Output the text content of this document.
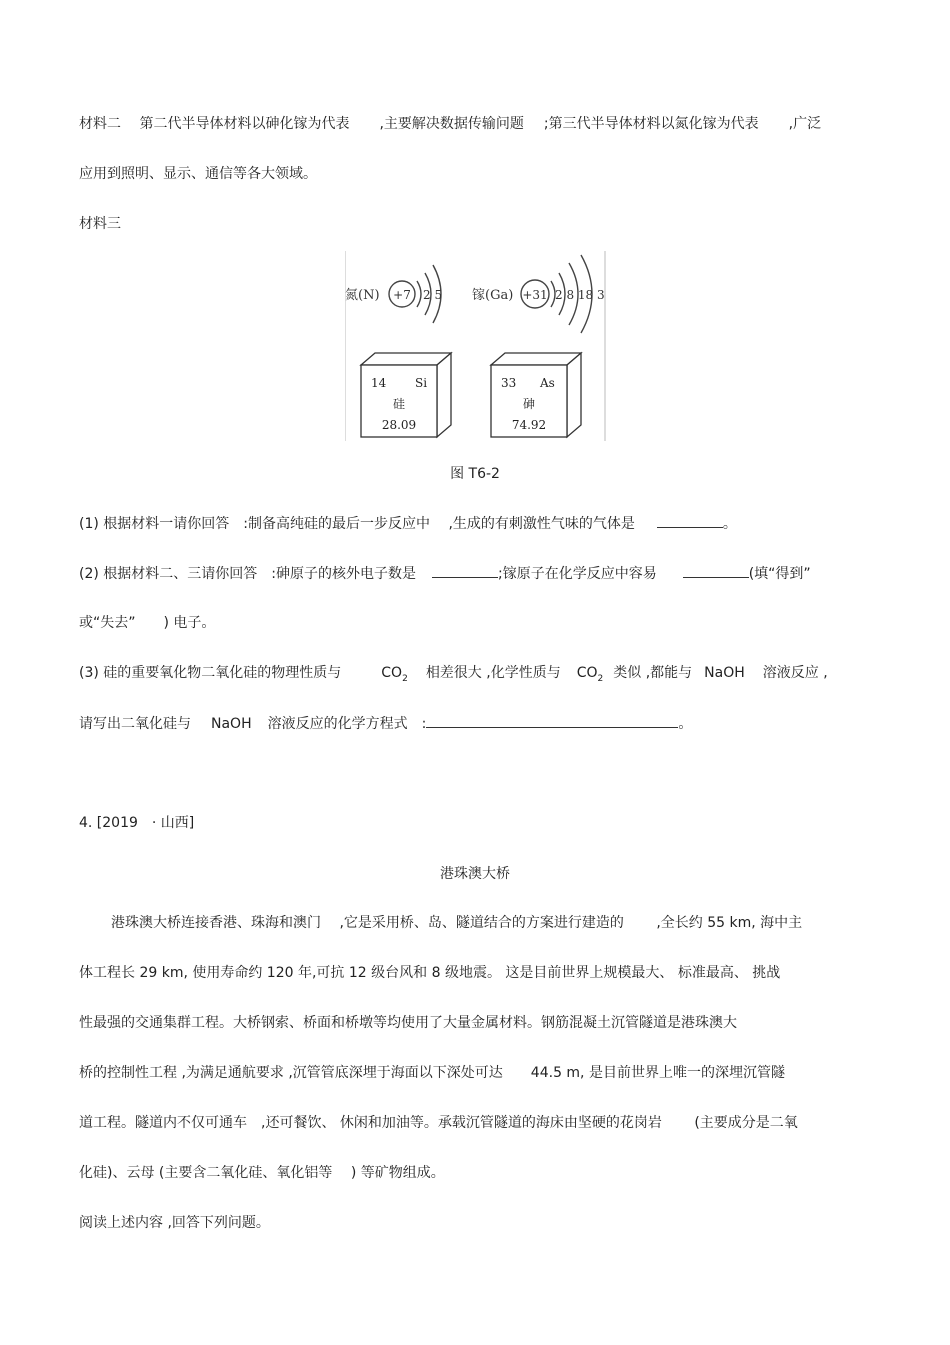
材料二　 第二代半导体材料以砷化镓为代表 ,主要解决数据传输问题 ;第三代半导体材料以氮化镓为代表 ,广泛
应用到照明、显示、通信等各大领域。
材料三
氮(N) +7 2 5 镓(Ga) +31 2 8 18 3
14 Si
硅
28.09
33 As
砷
74.92
图 T6-2
(1) 根据材料一请你回答　:制备高纯硅的最后一步反应中　 ,生成的有刺激性气味的气体是	。
(2) 根据材料二、三请你回答　:砷原子的核外电子数是	;镓原子在化学反应中容易	(填“得到”
或“失去”　　) 电子。
(3) 硅的重要氧化物二氧化硅的物理性质与	$CO_2$ 相差很大 ,化学性质与 $CO_2$ 类似 ,都能与 NaOH 溶液反应 ,
请写出二氧化硅与 NaOH 溶液反应的化学方程式　:	。
4. [2019　· 山西]
港珠澳大桥
港珠澳大桥连接香港、珠海和澳门　 ,它是采用桥、岛、隧道结合的方案进行建造的　　 ,全长约 55 km, 海中主
体工程长 29 km, 使用寿命约 120 年,可抗 12 级台风和 8 级地震。 这是目前世界上规模最大、 标准最高、 挑战
性最强的交通集群工程。大桥钢索、桥面和桥墩等均使用了大量金属材料。钢筋混凝土沉管隧道是港珠澳大
桥的控制性工程 ,为满足通航要求 ,沉管管底深埋于海面以下深处可达　　44.5 m, 是目前世界上唯一的深埋沉管隧
道工程。隧道内不仅可通车　,还可餐饮、 休闲和加油等。承载沉管隧道的海床由坚硬的花岗岩　　 (主要成分是二氧
化硅)、云母 (主要含二氧化硅、氧化铝等　 ) 等矿物组成。
阅读上述内容 ,回答下列问题。
